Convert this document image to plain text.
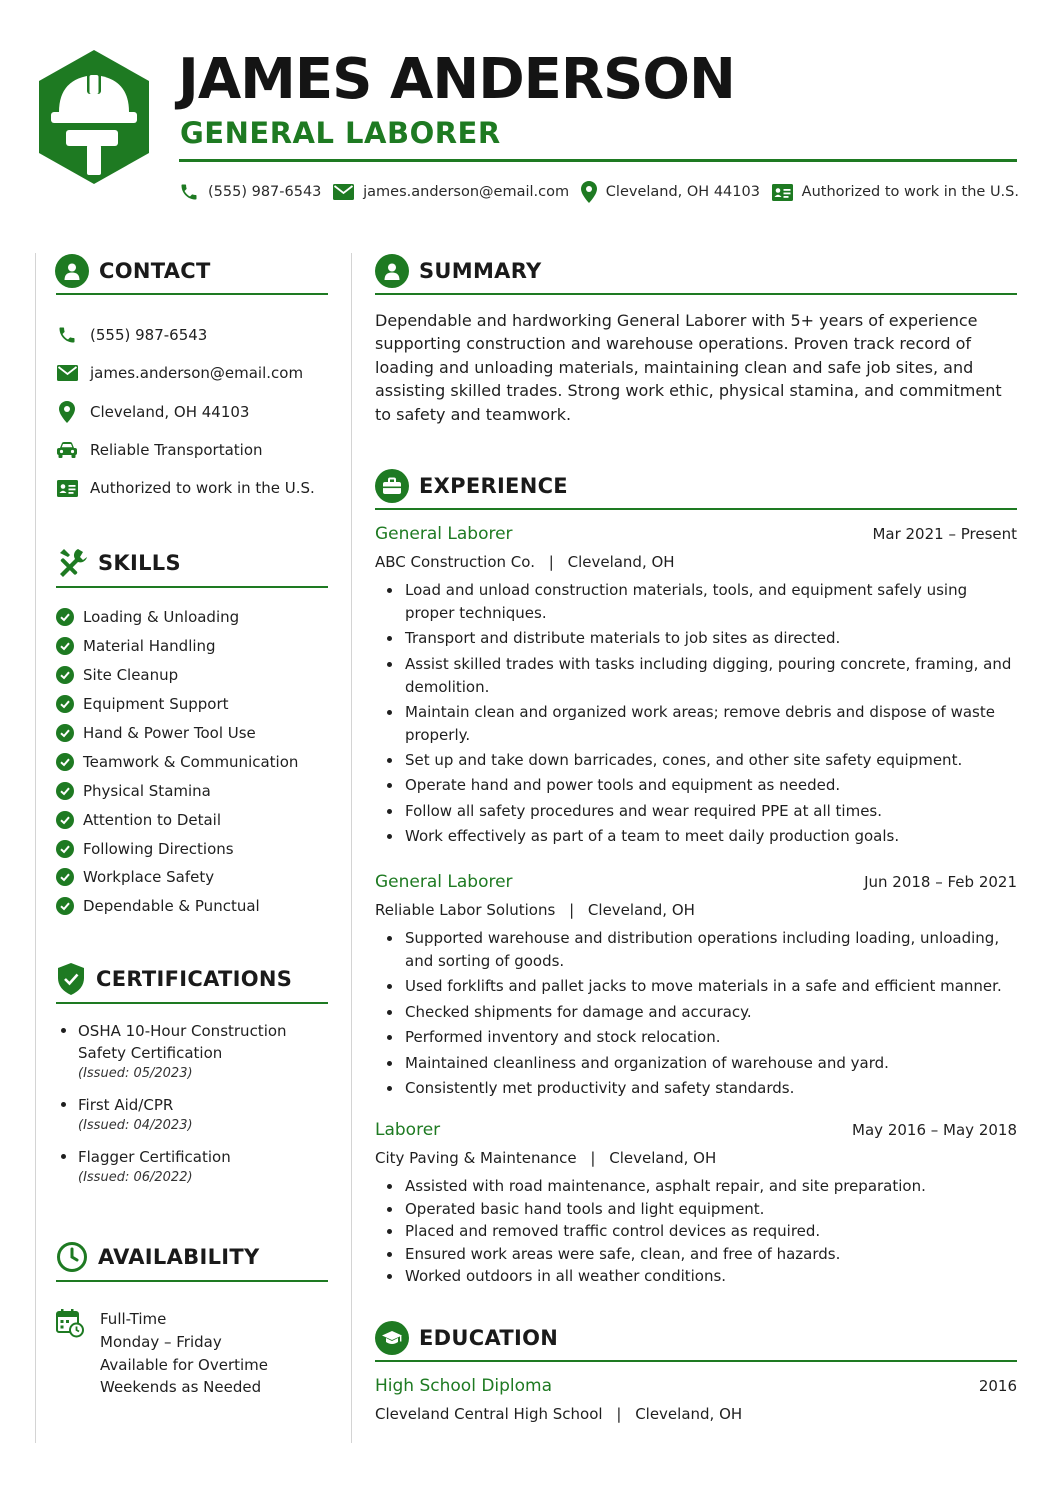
JAMES ANDERSON
GENERAL LABORER
(555) 987-6543	james.anderson@email.com	Cleveland, OH 44103	Authorized to work in the U.S.
CONTACT
(555) 987-6543
james.anderson@email.com
Cleveland, OH 44103
Reliable Transportation
Authorized to work in the U.S.
SKILLS
Loading & Unloading
Material Handling
Site Cleanup
Equipment Support
Hand & Power Tool Use
Teamwork & Communication
Physical Stamina
Attention to Detail
Following Directions
Workplace Safety
Dependable & Punctual
CERTIFICATIONS
OSHA 10-Hour Construction Safety Certification
(Issued: 05/2023)
First Aid/CPR
(Issued: 04/2023)
Flagger Certification
(Issued: 06/2022)
AVAILABILITY
Full-Time
Monday – Friday
Available for Overtime
Weekends as Needed
SUMMARY
Dependable and hardworking General Laborer with 5+ years of experience supporting construction and warehouse operations. Proven track record of loading and unloading materials, maintaining clean and safe job sites, and assisting skilled trades. Strong work ethic, physical stamina, and commitment to safety and teamwork.
EXPERIENCE
General Laborer	Mar 2021 – Present
ABC Construction Co. | Cleveland, OH
Load and unload construction materials, tools, and equipment safely using proper techniques.
Transport and distribute materials to job sites as directed.
Assist skilled trades with tasks including digging, pouring concrete, framing, and demolition.
Maintain clean and organized work areas; remove debris and dispose of waste properly.
Set up and take down barricades, cones, and other site safety equipment.
Operate hand and power tools and equipment as needed.
Follow all safety procedures and wear required PPE at all times.
Work effectively as part of a team to meet daily production goals.
General Laborer	Jun 2018 – Feb 2021
Reliable Labor Solutions | Cleveland, OH
Supported warehouse and distribution operations including loading, unloading, and sorting of goods.
Used forklifts and pallet jacks to move materials in a safe and efficient manner.
Checked shipments for damage and accuracy.
Performed inventory and stock relocation.
Maintained cleanliness and organization of warehouse and yard.
Consistently met productivity and safety standards.
Laborer	May 2016 – May 2018
City Paving & Maintenance | Cleveland, OH
Assisted with road maintenance, asphalt repair, and site preparation.
Operated basic hand tools and light equipment.
Placed and removed traffic control devices as required.
Ensured work areas were safe, clean, and free of hazards.
Worked outdoors in all weather conditions.
EDUCATION
High School Diploma	2016
Cleveland Central High School | Cleveland, OH
